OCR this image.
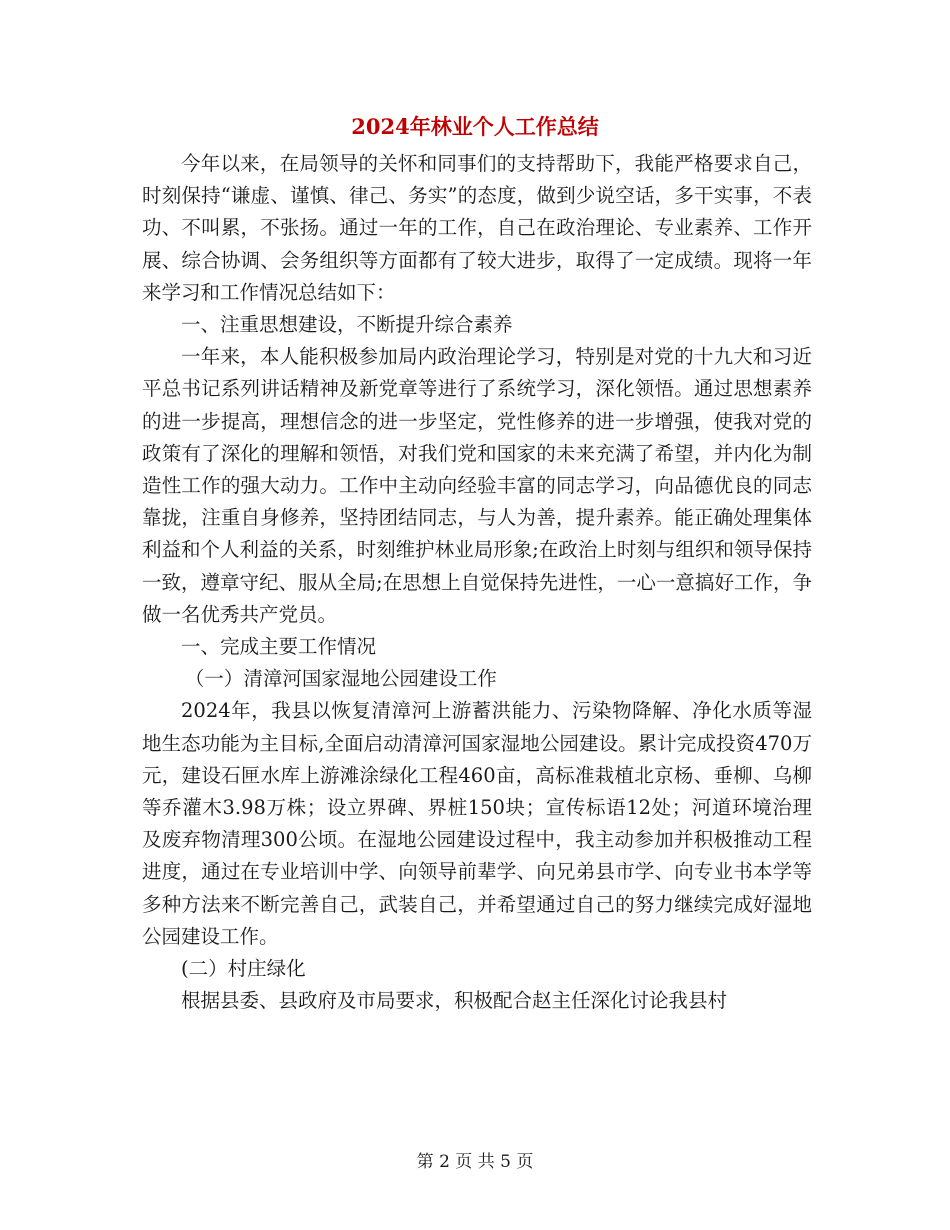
2024年林业个人工作总结

今年以来，在局领导的关怀和同事们的支持帮助下，我能严格要求自己，时刻保持“谦虚、谨慎、律己、务实”的态度，做到少说空话，多干实事，不表功、不叫累，不张扬。通过一年的工作，自己在政治理论、专业素养、工作开展、综合协调、会务组织等方面都有了较大进步，取得了一定成绩。现将一年来学习和工作情况总结如下：

一、注重思想建设，不断提升综合素养

一年来，本人能积极参加局内政治理论学习，特别是对党的十九大和习近平总书记系列讲话精神及新党章等进行了系统学习，深化领悟。通过思想素养的进一步提高，理想信念的进一步坚定，党性修养的进一步增强，使我对党的政策有了深化的理解和领悟，对我们党和国家的未来充满了希望，并内化为制造性工作的强大动力。工作中主动向经验丰富的同志学习，向品德优良的同志靠拢，注重自身修养，坚持团结同志，与人为善，提升素养。能正确处理集体利益和个人利益的关系，时刻维护林业局形象;在政治上时刻与组织和领导保持一致，遵章守纪、服从全局;在思想上自觉保持先进性，一心一意搞好工作，争做一名优秀共产党员。

一、完成主要工作情况

（一）清漳河国家湿地公园建设工作

2024年，我县以恢复清漳河上游蓄洪能力、污染物降解、净化水质等湿地生态功能为主目标,全面启动清漳河国家湿地公园建设。累计完成投资470万元，建设石匣水库上游滩涂绿化工程460亩，高标准栽植北京杨、垂柳、乌柳等乔灌木3.98万株；设立界碑、界桩150块；宣传标语12处；河道环境治理及废弃物清理300公顷。在湿地公园建设过程中，我主动参加并积极推动工程进度，通过在专业培训中学、向领导前辈学、向兄弟县市学、向专业书本学等多种方法来不断完善自己，武装自己，并希望通过自己的努力继续完成好湿地公园建设工作。

(二）村庄绿化

根据县委、县政府及市局要求，积极配合赵主任深化讨论我县村

第 2 页 共 5 页
